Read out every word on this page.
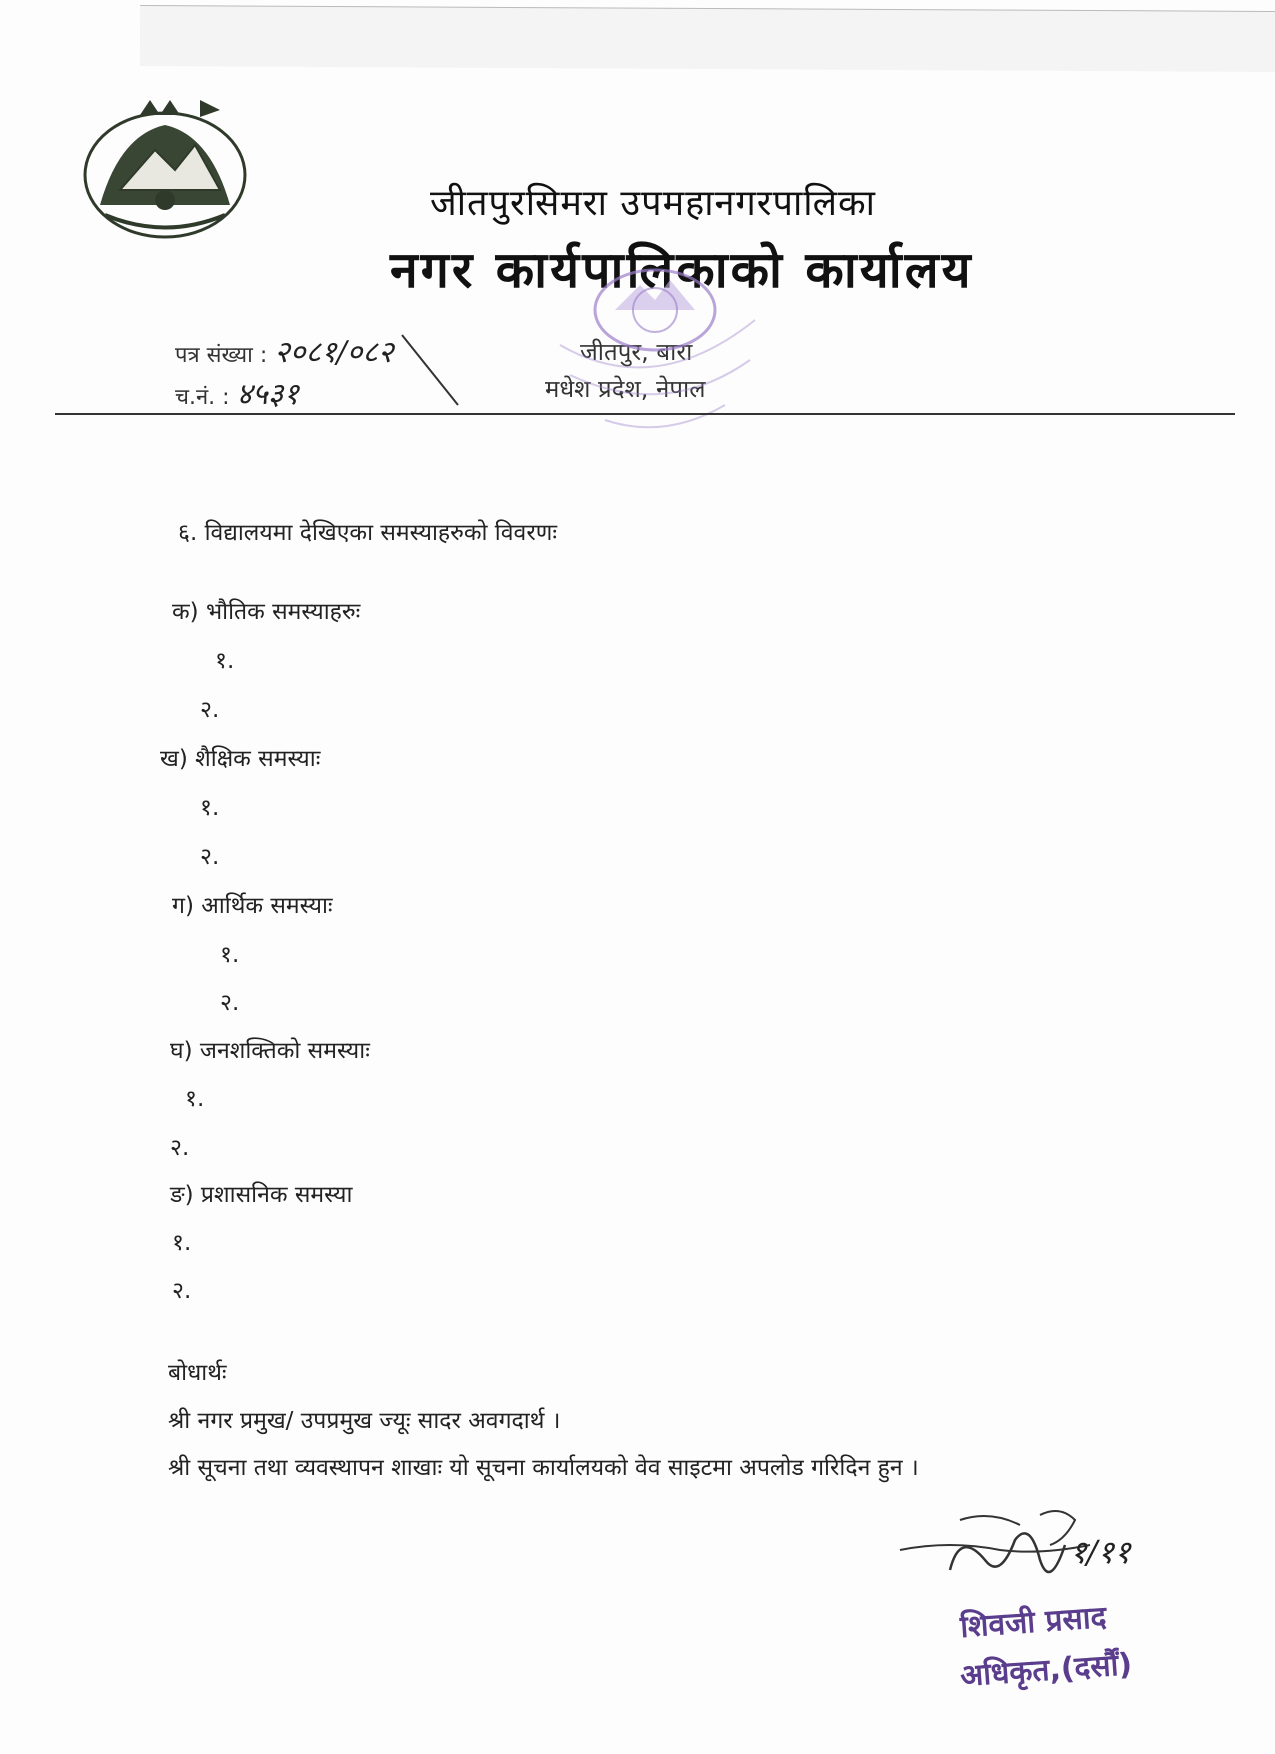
जीतपुरसिमरा उपमहानगरपालिका
नगर कार्यपालिकाको कार्यालय
पत्र संख्या : २०८१/०८२
च.नं. : ४५३१
जीतपुर, बारा
मधेश प्रदेश, नेपाल
६. विद्यालयमा देखिएका समस्याहरुको विवरणः
क) भौतिक समस्याहरुः
१.
२.
ख) शैक्षिक समस्याः
१.
२.
ग) आर्थिक समस्याः
१.
२.
घ) जनशक्तिको समस्याः
१.
२.
ङ) प्रशासनिक समस्या
१.
२.
बोधार्थः
श्री नगर प्रमुख/ उपप्रमुख ज्यूः सादर अवगदार्थ ।
श्री सूचना तथा व्यवस्थापन शाखाः यो सूचना कार्यालयको वेव साइटमा अपलोड गरिदिन हुन ।
१/११
शिवजी प्रसाद
अधिकृत,(दर्सौं)
